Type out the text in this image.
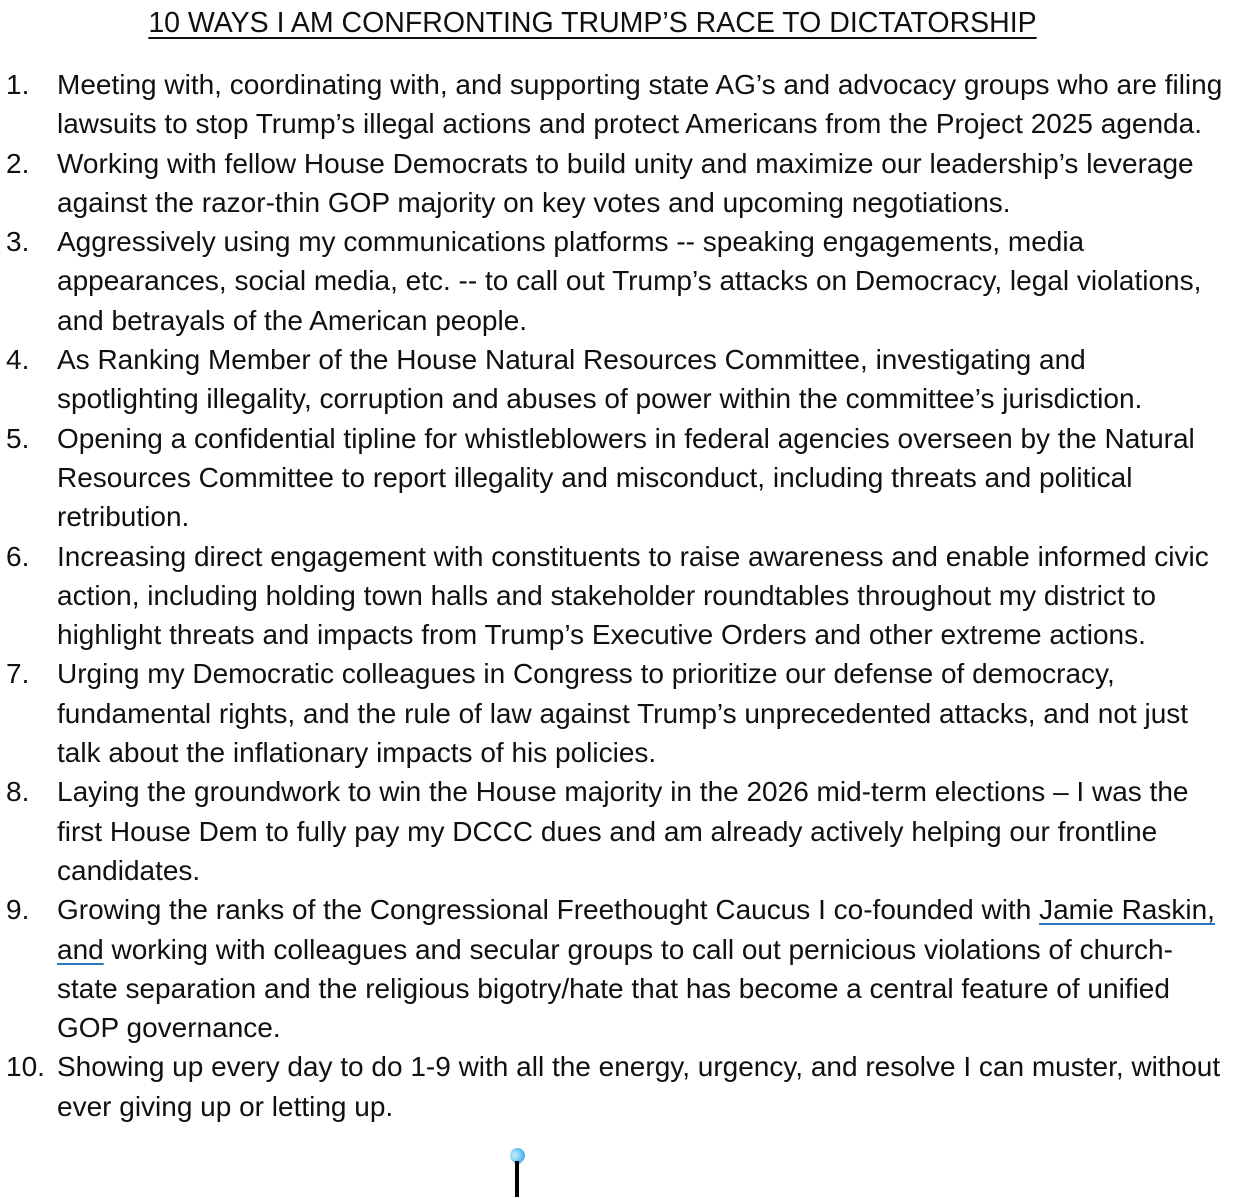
10 WAYS I AM CONFRONTING TRUMP’S RACE TO DICTATORSHIP
1. Meeting with, coordinating with, and supporting state AG’s and advocacy groups who are filing lawsuits to stop Trump’s illegal actions and protect Americans from the Project 2025 agenda.
2. Working with fellow House Democrats to build unity and maximize our leadership’s leverage against the razor-thin GOP majority on key votes and upcoming negotiations.
3. Aggressively using my communications platforms -- speaking engagements, media appearances, social media, etc. -- to call out Trump’s attacks on Democracy, legal violations, and betrayals of the American people.
4. As Ranking Member of the House Natural Resources Committee, investigating and spotlighting illegality, corruption and abuses of power within the committee’s jurisdiction.
5. Opening a confidential tipline for whistleblowers in federal agencies overseen by the Natural Resources Committee to report illegality and misconduct, including threats and political retribution.
6. Increasing direct engagement with constituents to raise awareness and enable informed civic action, including holding town halls and stakeholder roundtables throughout my district to highlight threats and impacts from Trump’s Executive Orders and other extreme actions.
7. Urging my Democratic colleagues in Congress to prioritize our defense of democracy, fundamental rights, and the rule of law against Trump’s unprecedented attacks, and not just talk about the inflationary impacts of his policies.
8. Laying the groundwork to win the House majority in the 2026 mid-term elections – I was the first House Dem to fully pay my DCCC dues and am already actively helping our frontline candidates.
9. Growing the ranks of the Congressional Freethought Caucus I co-founded with Jamie Raskin, and working with colleagues and secular groups to call out pernicious violations of church-state separation and the religious bigotry/hate that has become a central feature of unified GOP governance.
10. Showing up every day to do 1-9 with all the energy, urgency, and resolve I can muster, without ever giving up or letting up.
